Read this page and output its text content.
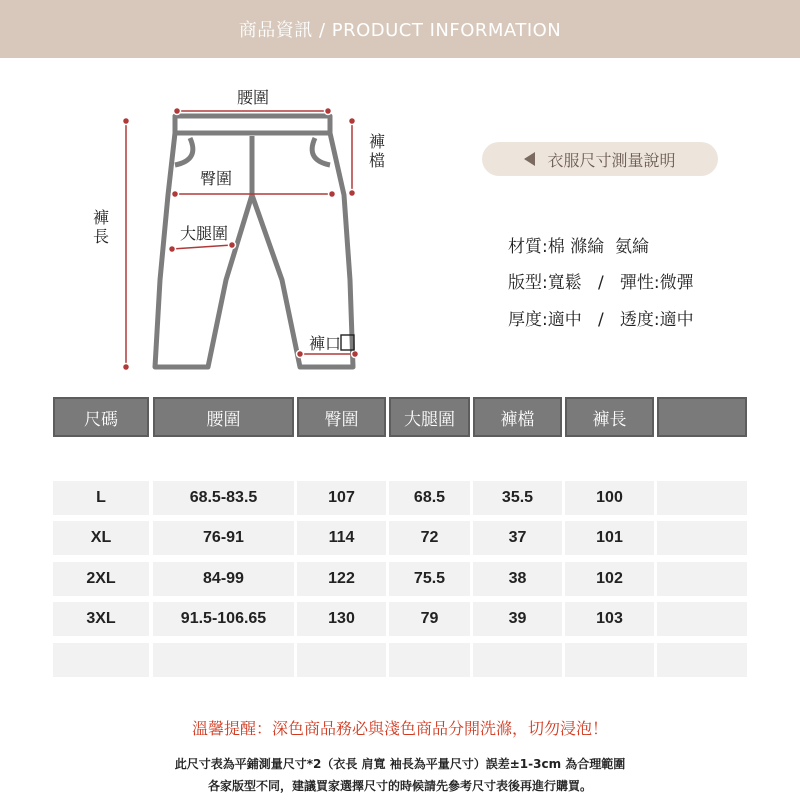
商品資訊 / PRODUCT INFORMATION
腰圍
臀圍
大腿圍
褲口
褲
檔
褲
長
衣服尺寸測量說明
材質:棉 滌綸  氨綸
版型:寬鬆   /   彈性:微彈
厚度:適中   /   透度:適中
尺碼	腰圍	臀圍	大腿圍	褲檔	褲長
L	68.5-83.5	107	68.5	35.5	100
XL	76-91	114	72	37	101
2XL	84-99	122	75.5	38	102
3XL	91.5-106.65	130	79	39	103
溫馨提醒：深色商品務必與淺色商品分開洗滌，切勿浸泡！
此尺寸表為平鋪測量尺寸*2（衣長 肩寬 袖長為平量尺寸）誤差±1-3cm 為合理範圍
各家版型不同，建議買家選擇尺寸的時候請先參考尺寸表後再進行購買。
